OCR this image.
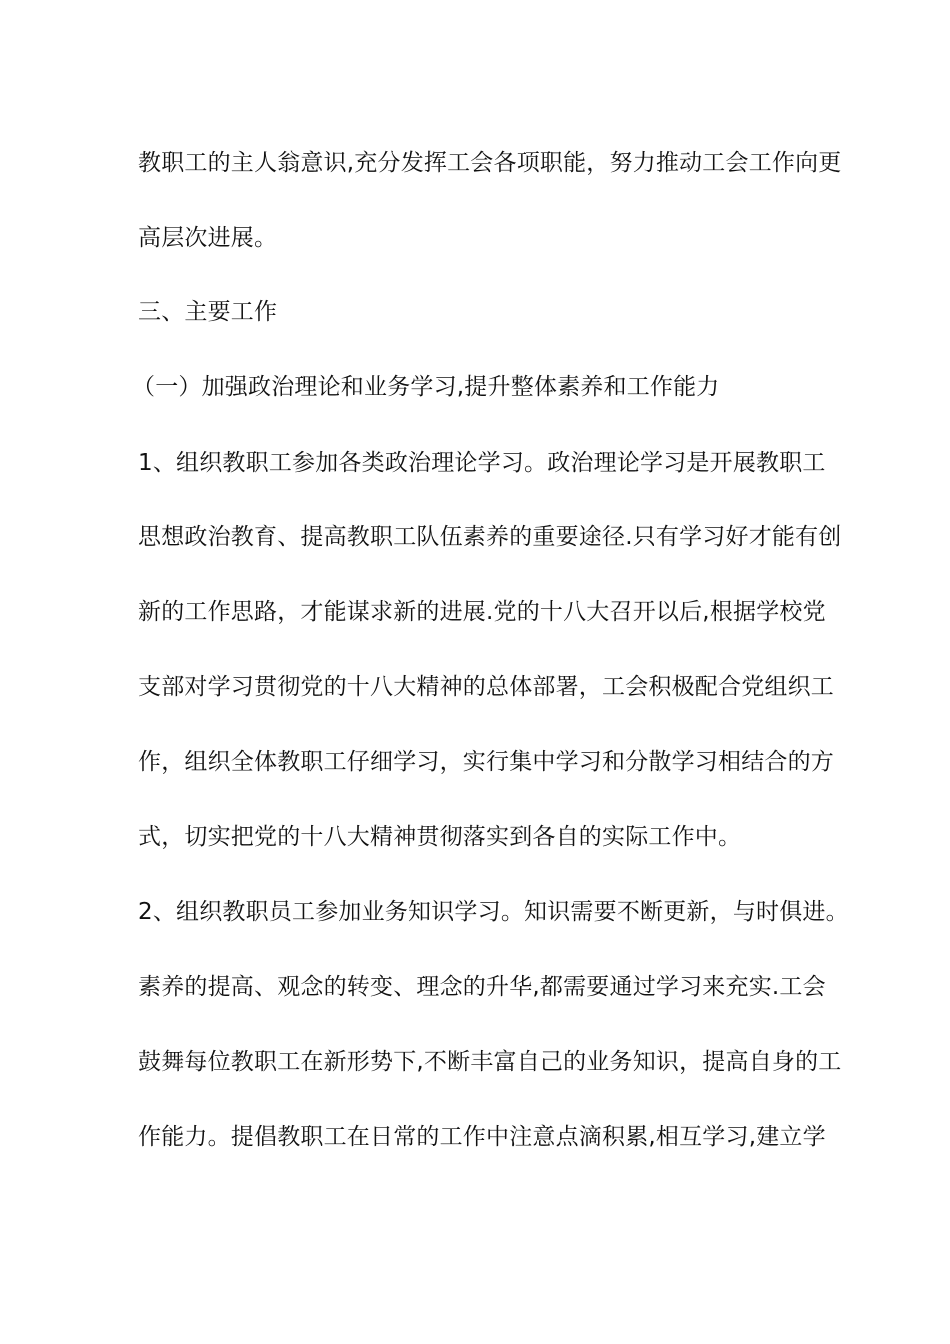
教职工的主人翁意识,充分发挥工会各项职能，努力推动工会工作向更
高层次进展。
三、主要工作
（一）加强政治理论和业务学习,提升整体素养和工作能力
1、组织教职工参加各类政治理论学习。政治理论学习是开展教职工
思想政治教育、提高教职工队伍素养的重要途径.只有学习好才能有创
新的工作思路，才能谋求新的进展.党的十八大召开以后,根据学校党
支部对学习贯彻党的十八大精神的总体部署，工会积极配合党组织工
作，组织全体教职工仔细学习，实行集中学习和分散学习相结合的方
式，切实把党的十八大精神贯彻落实到各自的实际工作中。
2、组织教职员工参加业务知识学习。知识需要不断更新，与时俱进。
素养的提高、观念的转变、理念的升华,都需要通过学习来充实.工会
鼓舞每位教职工在新形势下,不断丰富自己的业务知识，提高自身的工
作能力。提倡教职工在日常的工作中注意点滴积累,相互学习,建立学
